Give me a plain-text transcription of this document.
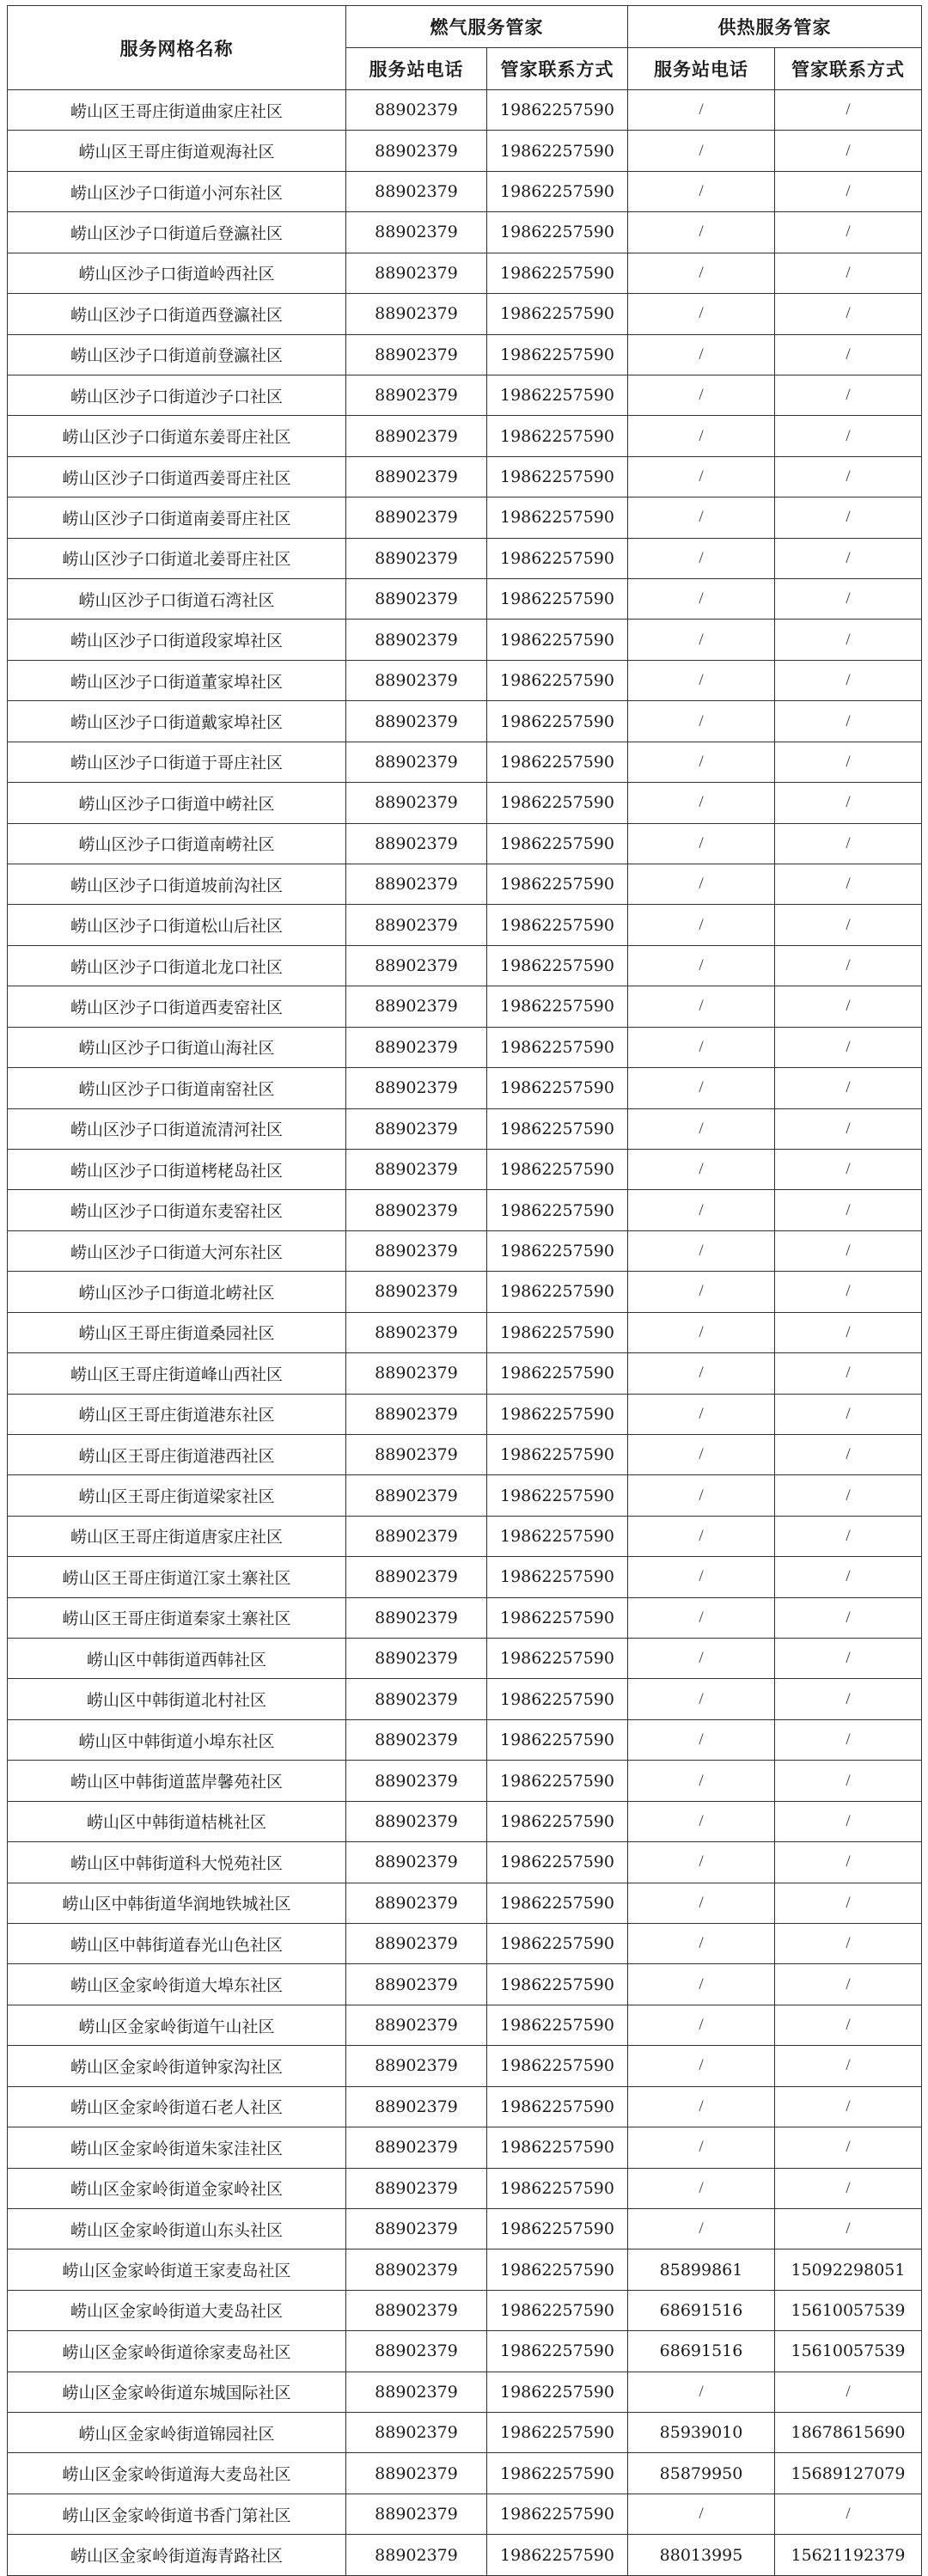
服务网格名称	燃气服务管家		供热服务管家	
	服务站电话	管家联系方式	服务站电话	管家联系方式
崂山区王哥庄街道曲家庄社区	88902379	19862257590	/	/
崂山区王哥庄街道观海社区	88902379	19862257590	/	/
崂山区沙子口街道小河东社区	88902379	19862257590	/	/
崂山区沙子口街道后登瀛社区	88902379	19862257590	/	/
崂山区沙子口街道岭西社区	88902379	19862257590	/	/
崂山区沙子口街道西登瀛社区	88902379	19862257590	/	/
崂山区沙子口街道前登瀛社区	88902379	19862257590	/	/
崂山区沙子口街道沙子口社区	88902379	19862257590	/	/
崂山区沙子口街道东姜哥庄社区	88902379	19862257590	/	/
崂山区沙子口街道西姜哥庄社区	88902379	19862257590	/	/
崂山区沙子口街道南姜哥庄社区	88902379	19862257590	/	/
崂山区沙子口街道北姜哥庄社区	88902379	19862257590	/	/
崂山区沙子口街道石湾社区	88902379	19862257590	/	/
崂山区沙子口街道段家埠社区	88902379	19862257590	/	/
崂山区沙子口街道董家埠社区	88902379	19862257590	/	/
崂山区沙子口街道戴家埠社区	88902379	19862257590	/	/
崂山区沙子口街道于哥庄社区	88902379	19862257590	/	/
崂山区沙子口街道中崂社区	88902379	19862257590	/	/
崂山区沙子口街道南崂社区	88902379	19862257590	/	/
崂山区沙子口街道坡前沟社区	88902379	19862257590	/	/
崂山区沙子口街道松山后社区	88902379	19862257590	/	/
崂山区沙子口街道北龙口社区	88902379	19862257590	/	/
崂山区沙子口街道西麦窑社区	88902379	19862257590	/	/
崂山区沙子口街道山海社区	88902379	19862257590	/	/
崂山区沙子口街道南窑社区	88902379	19862257590	/	/
崂山区沙子口街道流清河社区	88902379	19862257590	/	/
崂山区沙子口街道栲栳岛社区	88902379	19862257590	/	/
崂山区沙子口街道东麦窑社区	88902379	19862257590	/	/
崂山区沙子口街道大河东社区	88902379	19862257590	/	/
崂山区沙子口街道北崂社区	88902379	19862257590	/	/
崂山区王哥庄街道桑园社区	88902379	19862257590	/	/
崂山区王哥庄街道峰山西社区	88902379	19862257590	/	/
崂山区王哥庄街道港东社区	88902379	19862257590	/	/
崂山区王哥庄街道港西社区	88902379	19862257590	/	/
崂山区王哥庄街道梁家社区	88902379	19862257590	/	/
崂山区王哥庄街道唐家庄社区	88902379	19862257590	/	/
崂山区王哥庄街道江家土寨社区	88902379	19862257590	/	/
崂山区王哥庄街道秦家土寨社区	88902379	19862257590	/	/
崂山区中韩街道西韩社区	88902379	19862257590	/	/
崂山区中韩街道北村社区	88902379	19862257590	/	/
崂山区中韩街道小埠东社区	88902379	19862257590	/	/
崂山区中韩街道蓝岸馨苑社区	88902379	19862257590	/	/
崂山区中韩街道桔桃社区	88902379	19862257590	/	/
崂山区中韩街道科大悦苑社区	88902379	19862257590	/	/
崂山区中韩街道华润地铁城社区	88902379	19862257590	/	/
崂山区中韩街道春光山色社区	88902379	19862257590	/	/
崂山区金家岭街道大埠东社区	88902379	19862257590	/	/
崂山区金家岭街道午山社区	88902379	19862257590	/	/
崂山区金家岭街道钟家沟社区	88902379	19862257590	/	/
崂山区金家岭街道石老人社区	88902379	19862257590	/	/
崂山区金家岭街道朱家洼社区	88902379	19862257590	/	/
崂山区金家岭街道金家岭社区	88902379	19862257590	/	/
崂山区金家岭街道山东头社区	88902379	19862257590	/	/
崂山区金家岭街道王家麦岛社区	88902379	19862257590	85899861	15092298051
崂山区金家岭街道大麦岛社区	88902379	19862257590	68691516	15610057539
崂山区金家岭街道徐家麦岛社区	88902379	19862257590	68691516	15610057539
崂山区金家岭街道东城国际社区	88902379	19862257590	/	/
崂山区金家岭街道锦园社区	88902379	19862257590	85939010	18678615690
崂山区金家岭街道海大麦岛社区	88902379	19862257590	85879950	15689127079
崂山区金家岭街道书香门第社区	88902379	19862257590	/	/
崂山区金家岭街道海青路社区	88902379	19862257590	88013995	15621192379
